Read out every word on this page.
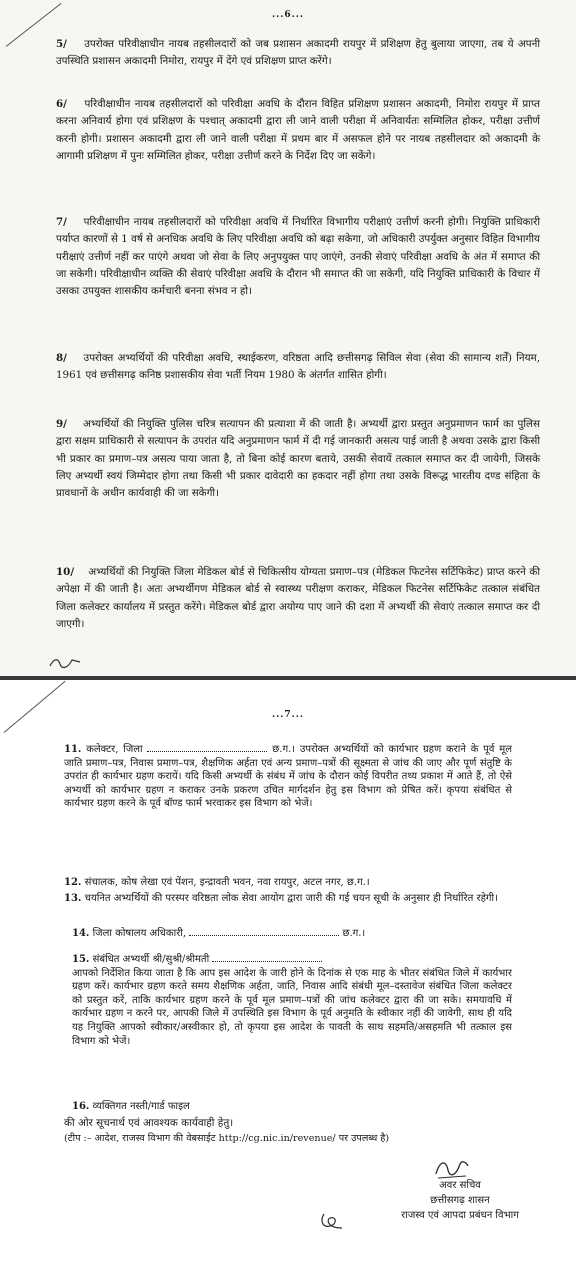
...6...
5/ उपरोक्त परिवीक्षाधीन नायब तहसीलदारों को जब प्रशासन अकादमी रायपुर में प्रशिक्षण हेतु बुलाया जाएगा, तब ये अपनी उपस्थिति प्रशासन अकादमी निमोरा, रायपुर में देंगे एवं प्रशिक्षण प्राप्त करेंगे।
6/ परिवीक्षाधीन नायब तहसीलदारों को परिवीक्षा अवधि के दौरान विहित प्रशिक्षण प्रशासन अकादमी, निमोरा रायपुर में प्राप्त करना अनिवार्य होगा एवं प्रशिक्षण के पश्चात् अकादमी द्वारा ली जाने वाली परीक्षा में अनिवार्यतः सम्मिलित होकर, परीक्षा उत्तीर्ण करनी होगी। प्रशासन अकादमी द्वारा ली जाने वाली परीक्षा में प्रथम बार में असफल होने पर नायब तहसीलदार को अकादमी के आगामी प्रशिक्षण में पुनः सम्मिलित होकर, परीक्षा उत्तीर्ण करने के निर्देश दिए जा सकेंगे।
7/ परिवीक्षाधीन नायब तहसीलदारों को परिवीक्षा अवधि में निर्धारित विभागीय परीक्षाएं उत्तीर्ण करनी होगी। नियुक्ति प्राधिकारी पर्याप्त कारणों से 1 वर्ष से अनधिक अवधि के लिए परिवीक्षा अवधि को बढ़ा सकेगा, जो अधिकारी उपर्युक्त अनुसार विहित विभागीय परीक्षाएं उत्तीर्ण नहीं कर पाएंगे अथवा जो सेवा के लिए अनुपयुक्त पाए जाएंगे, उनकी सेवाएं परिवीक्षा अवधि के अंत में समाप्त की जा सकेगी। परिवीक्षाधीन व्यक्ति की सेवाएं परिवीक्षा अवधि के दौरान भी समाप्त की जा सकेगी, यदि नियुक्ति प्राधिकारी के विचार में उसका उपयुक्त शासकीय कर्मचारी बनना संभव न हो।
8/ उपरोक्त अभ्यर्थियों की परिवीक्षा अवधि, स्थाईकरण, वरिष्ठता आदि छत्तीसगढ़ सिविल सेवा (सेवा की सामान्य शर्तें) नियम, 1961 एवं छत्तीसगढ़ कनिष्ठ प्रशासकीय सेवा भर्ती नियम 1980 के अंतर्गत शासित होगी।
9/ अभ्यर्थियों की नियुक्ति पुलिस चरित्र सत्यापन की प्रत्याशा में की जाती है। अभ्यर्थी द्वारा प्रस्तुत अनुप्रमाणन फार्म का पुलिस द्वारा सक्षम प्राधिकारी से सत्यापन के उपरांत यदि अनुप्रमाणन फार्म में दी गई जानकारी असत्य पाई जाती है अथवा उसके द्वारा किसी भी प्रकार का प्रमाण–पत्र असत्य पाया जाता है, तो बिना कोई कारण बताये, उसकी सेवायें तत्काल समाप्त कर दी जायेगी, जिसके लिए अभ्यर्थी स्वयं जिम्मेदार होगा तथा किसी भी प्रकार दावेदारी का हकदार नहीं होगा तथा उसके विरूद्ध भारतीय दण्ड संहिता के प्रावधानों के अधीन कार्यवाही की जा सकेगी।
10/ अभ्यर्थियों की नियुक्ति जिला मेडिकल बोर्ड से चिकित्सीय योग्यता प्रमाण–पत्र (मेडिकल फिटनेस सर्टिफिकेट) प्राप्त करने की अपेक्षा में की जाती है। अतः अभ्यर्थीगण मेडिकल बोर्ड से स्वास्थ्य परीक्षण कराकर, मेडिकल फिटनेस सर्टिफिकेट तत्काल संबंधित जिला कलेक्टर कार्यालय में प्रस्तुत करेंगे। मेडिकल बोर्ड द्वारा अयोग्य पाए जाने की दशा में अभ्यर्थी की सेवाएं तत्काल समाप्त कर दी जाएगी।
...7...
11. कलेक्टर, जिला	छ.ग.। उपरोक्त अभ्यर्थियों को कार्यभार ग्रहण कराने के पूर्व मूल जाति प्रमाण–पत्र, निवास प्रमाण–पत्र, शैक्षणिक अर्हता एवं अन्य प्रमाण–पत्रों की सूक्ष्मता से जांच की जाए और पूर्ण संतुष्टि के उपरांत ही कार्यभार ग्रहण करायें। यदि किसी अभ्यर्थी के संबंध में जांच के दौरान कोई विपरीत तथ्य प्रकाश में आते हैं, तो ऐसे अभ्यर्थी को कार्यभार ग्रहण न कराकर उनके प्रकरण उचित मार्गदर्शन हेतु इस विभाग को प्रेषित करें। कृपया संबंधित से कार्यभार ग्रहण करने के पूर्व बॉण्ड फार्म भरवाकर इस विभाग को भेजें।
12. संचालक, कोष लेखा एवं पेंशन, इन्द्रावती भवन, नवा रायपुर, अटल नगर, छ.ग.।
13. चयनित अभ्यर्थियों की परस्पर वरिष्ठता लोक सेवा आयोग द्वारा जारी की गई चयन सूची के अनुसार ही निर्धारित रहेगी।
14. जिला कोषालय अधिकारी,	छ.ग.।
15. संबंधित अभ्यर्थी श्री/सुश्री/श्रीमती
आपको निर्देशित किया जाता है कि आप इस आदेश के जारी होने के दिनांक से एक माह के भीतर संबंधित जिले में कार्यभार ग्रहण करें। कार्यभार ग्रहण करते समय शैक्षणिक अर्हता, जाति, निवास आदि संबंधी मूल–दस्तावेज संबंधित जिला कलेक्टर को प्रस्तुत करें, ताकि कार्यभार ग्रहण करने के पूर्व मूल प्रमाण–पत्रों की जांच कलेक्टर द्वारा की जा सके। समयावधि में कार्यभार ग्रहण न करने पर, आपकी जिले में उपस्थिति इस विभाग के पूर्व अनुमति के स्वीकार नहीं की जावेगी, साथ ही यदि यह नियुक्ति आपको स्वीकार/अस्वीकार हो, तो कृपया इस आदेश के पावती के साथ सहमति/असहमति भी तत्काल इस विभाग को भेजें।
16. व्यक्तिगत नस्ती/गार्ड फाइल
की ओर सूचनार्थ एवं आवश्यक कार्यवाही हेतु।
(टीप :– आदेश, राजस्व विभाग की वेबसाईट http://cg.nic.in/revenue/ पर उपलब्ध है)
अवर सचिव
छत्तीसगढ़ शासन
राजस्व एवं आपदा प्रबंधन विभाग
